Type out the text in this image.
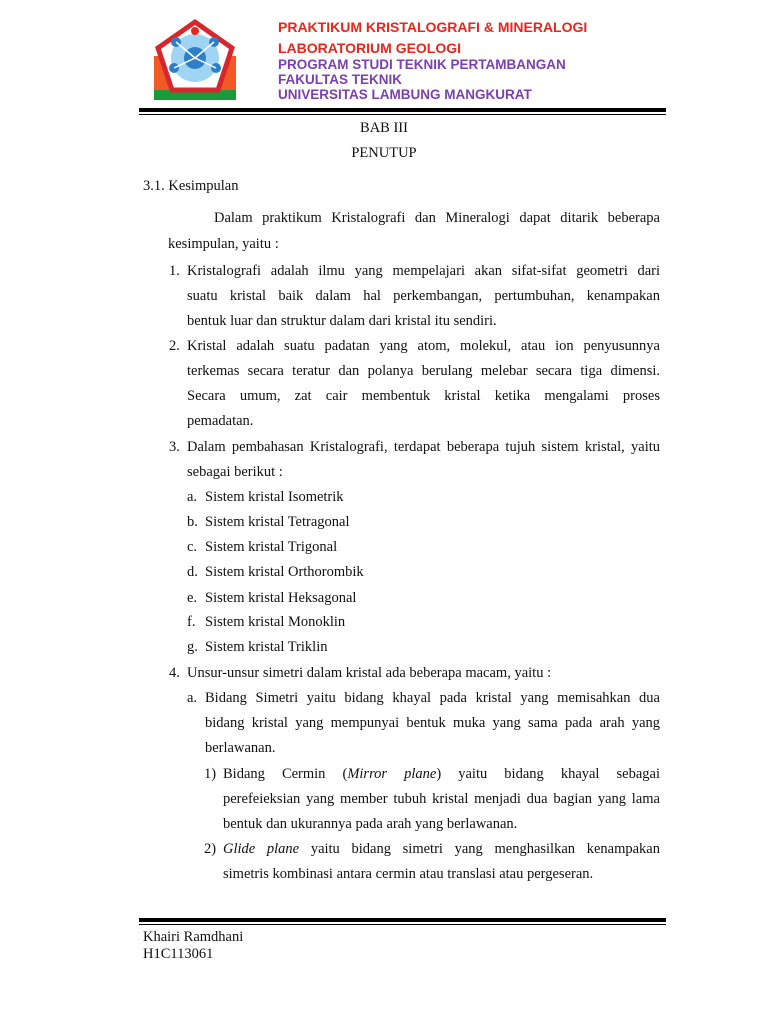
PRAKTIKUM KRISTALOGRAFI & MINERALOGI
LABORATORIUM GEOLOGI
PROGRAM STUDI TEKNIK PERTAMBANGAN
FAKULTAS TEKNIK
UNIVERSITAS LAMBUNG MANGKURAT
BAB III
PENUTUP
3.1. Kesimpulan
Dalam praktikum Kristalografi dan Mineralogi dapat ditarik beberapa
kesimpulan, yaitu :
1. Kristalografi adalah ilmu yang mempelajari akan sifat-sifat geometri dari
suatu kristal baik dalam hal perkembangan, pertumbuhan, kenampakan
bentuk luar dan struktur dalam dari kristal itu sendiri.
2. Kristal adalah suatu padatan yang atom, molekul, atau ion penyusunnya
terkemas secara teratur dan polanya berulang melebar secara tiga dimensi.
Secara umum, zat cair membentuk kristal ketika mengalami proses
pemadatan.
3. Dalam pembahasan Kristalografi, terdapat beberapa tujuh sistem kristal, yaitu
sebagai berikut :
a. Sistem kristal Isometrik
b. Sistem kristal Tetragonal
c. Sistem kristal Trigonal
d. Sistem kristal Orthorombik
e. Sistem kristal Heksagonal
f. Sistem kristal Monoklin
g. Sistem kristal Triklin
4. Unsur-unsur simetri dalam kristal ada beberapa macam, yaitu :
a. Bidang Simetri yaitu bidang khayal pada kristal yang memisahkan dua
bidang kristal yang mempunyai bentuk muka yang sama pada arah yang
berlawanan.
1) Bidang Cermin (Mirror plane) yaitu bidang khayal sebagai
perefeieksian yang member tubuh kristal menjadi dua bagian yang lama
bentuk dan ukurannya pada arah yang berlawanan.
2) Glide plane yaitu bidang simetri yang menghasilkan kenampakan
simetris kombinasi antara cermin atau translasi atau pergeseran.
Khairi Ramdhani
H1C113061
